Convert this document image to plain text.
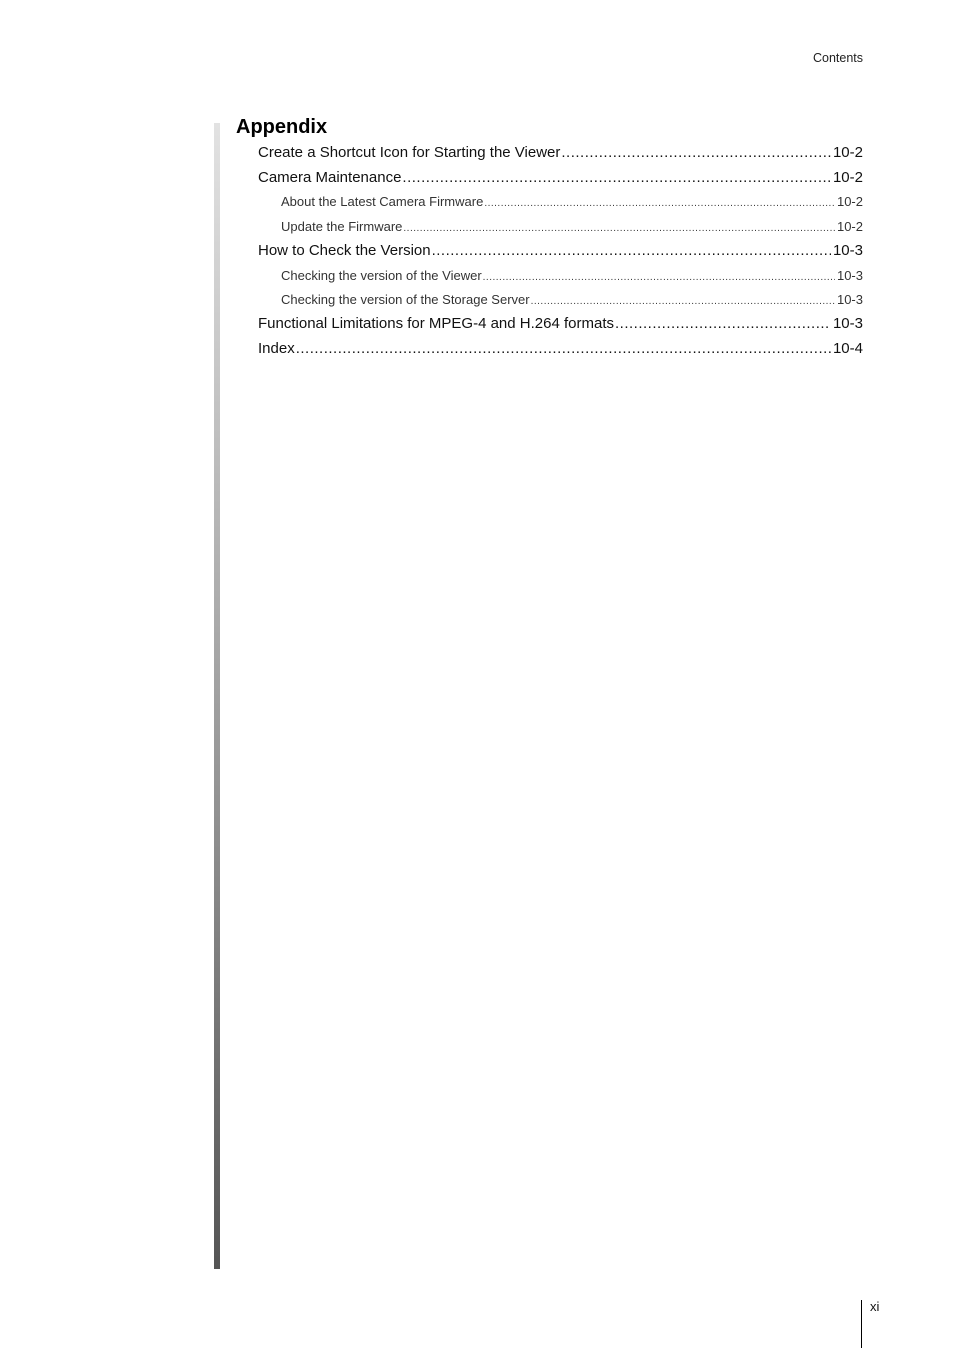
Contents
Appendix
Create a Shortcut Icon for Starting the Viewer .....	10-2
Camera Maintenance .....	10-2
About the Latest Camera Firmware .....	10-2
Update the Firmware .....	10-2
How to Check the Version .....	10-3
Checking the version of the Viewer .....	10-3
Checking the version of the Storage Server .....	10-3
Functional Limitations for MPEG-4 and H.264 formats .....	10-3
Index .....	10-4
xi
